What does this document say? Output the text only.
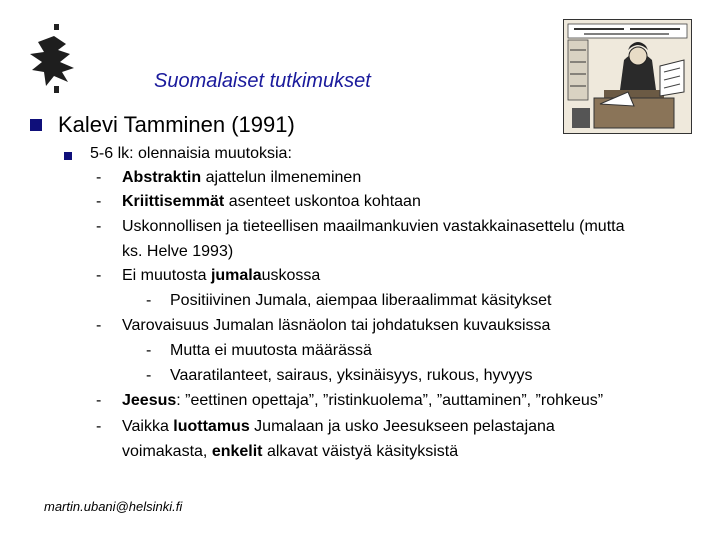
Suomalaiset tutkimukset
Kalevi Tamminen (1991)
5-6 lk: olennaisia muutoksia:
- Abstraktin ajattelun ilmeneminen
- Kriittisemmät asenteet uskontoa kohtaan
- Uskonnollisen ja tieteellisen maailmankuvien vastakkainasettelu (mutta
ks. Helve 1993)
- Ei muutosta jumalauskossa
- Positiivinen Jumala, aiempaa liberaalimmat käsitykset
- Varovaisuus Jumalan läsnäolon tai johdatuksen kuvauksissa
- Mutta ei muutosta määrässä
- Vaaratilanteet, sairaus, yksinäisyys, rukous, hyvyys
- Jeesus: ”eettinen opettaja”, ”ristinkuolema”, ”auttaminen”, ”rohkeus”
- Vaikka luottamus Jumalaan ja usko Jeesukseen pelastajana
voimakasta, enkelit alkavat väistyä käsityksistä
martin.ubani@helsinki.fi
